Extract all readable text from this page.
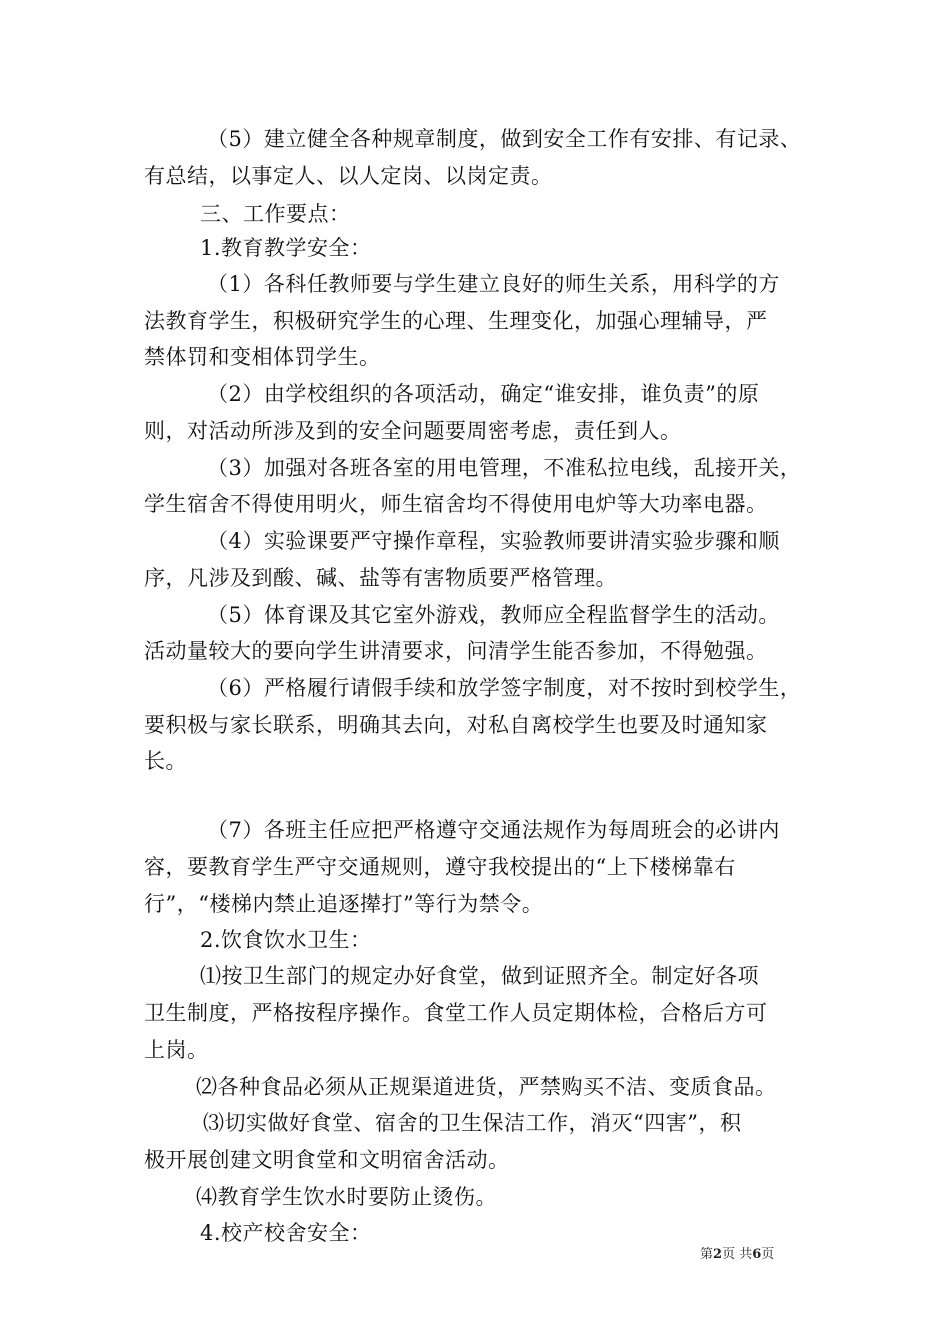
（5）建立健全各种规章制度，做到安全工作有安排、有记录、
有总结，以事定人、以人定岗、以岗定责。
三、工作要点：
1.教育教学安全：
（1）各科任教师要与学生建立良好的师生关系，用科学的方
法教育学生，积极研究学生的心理、生理变化，加强心理辅导，严
禁体罚和变相体罚学生。
（2）由学校组织的各项活动，确定“谁安排，谁负责”的原
则，对活动所涉及到的安全问题要周密考虑，责任到人。
（3）加强对各班各室的用电管理，不准私拉电线，乱接开关，
学生宿舍不得使用明火，师生宿舍均不得使用电炉等大功率电器。
（4）实验课要严守操作章程，实验教师要讲清实验步骤和顺
序，凡涉及到酸、碱、盐等有害物质要严格管理。
（5）体育课及其它室外游戏，教师应全程监督学生的活动。
活动量较大的要向学生讲清要求，问清学生能否参加，不得勉强。
（6）严格履行请假手续和放学签字制度，对不按时到校学生，
要积极与家长联系，明确其去向，对私自离校学生也要及时通知家
长。
（7）各班主任应把严格遵守交通法规作为每周班会的必讲内
容，要教育学生严守交通规则，遵守我校提出的“上下楼梯靠右
行”，“楼梯内禁止追逐撵打”等行为禁令。
2.饮食饮水卫生：
⑴按卫生部门的规定办好食堂，做到证照齐全。制定好各项
卫生制度，严格按程序操作。食堂工作人员定期体检，合格后方可
上岗。
⑵各种食品必须从正规渠道进货，严禁购买不洁、变质食品。
⑶切实做好食堂、宿舍的卫生保洁工作，消灭“四害”，积
极开展创建文明食堂和文明宿舍活动。
⑷教育学生饮水时要防止烫伤。
4.校产校舍安全：
第2页 共6页
